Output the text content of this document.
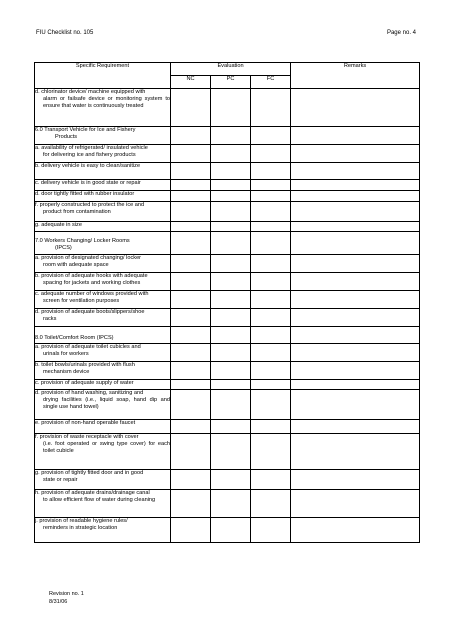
FIU Checklist no. 105	Page no. 4
Specific Requirement	Evaluation			Remarks
	NC	PC	FC	
d. chlorinator device/ machine equipped with
alarm or failsafe device or monitoring system to ensure that water is continuously treated				

6.0 Transport Vehicle for Ice and Fishery
Products				

a. availability of refrigerated/ insulated vehicle
for delivering ice and fishery products				

b. delivery vehicle is easy to clean/sanitize				
c. delivery vehicle is in good state or repair				
d. door tightly fitted with rubber insulator				
f. properly constructed to protect the ice and
product from contamination				

g. adequate in size				
7.0 Workers Changing/ Locker Rooms
(IPCS)				

a. provision of designated changing/ locker
room with adequate space				

b. provision of adequate hooks with adequate
spacing for jackets and working clothes				

c. adequate number of windows provided with
screen for ventilation purposes				

d. provision of adequate boots/slippers/shoe
racks				

8.0 Toilet/Comfort Room (IPCS)				
a. provision of adequate toilet cubicles and
urinals for workers				

b. toilet bowls/urinals provided with flush
mechanism device				

c. provision of adequate supply of water				
d. provision of hand washing, sanitizing and
drying facilities (i.e., liquid soap, hand dip and single use hand towel)				

e. provision of non-hand operable faucet				
f. provision of waste receptacle with cover
(i.e. foot operated or swing type cover) for each toilet cubicle				

g. provision of tightly fitted door and in good
state or repair				

h. provision of adequate drains/drainage canal
to allow efficient flow of water during cleaning				

j. provision of readable hygiene rules/
reminders in strategic location				

Revision no. 1
8/31/06
